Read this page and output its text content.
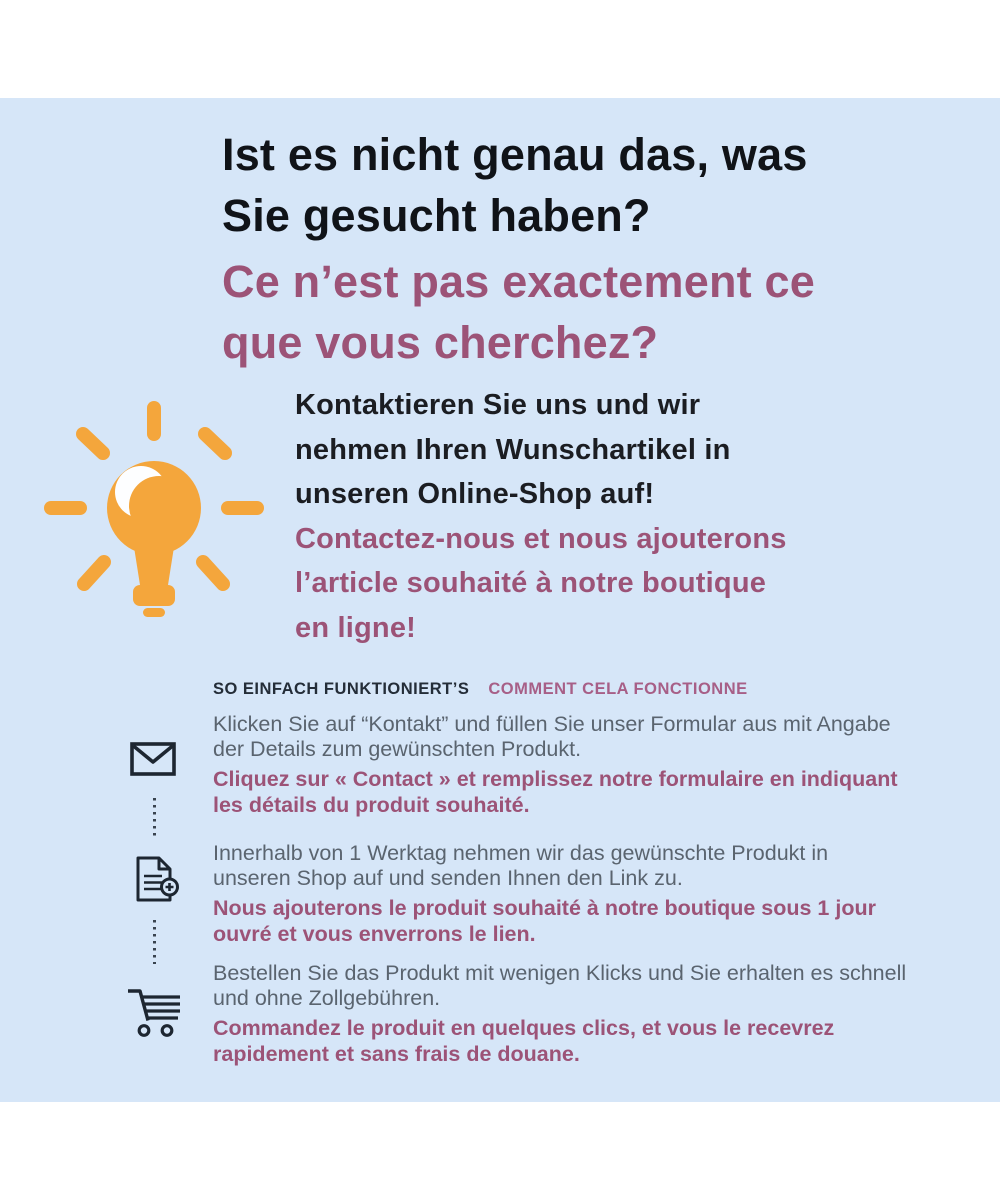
Ist es nicht genau das, was
Sie gesucht haben?
Ce n’est pas exactement ce
que vous cherchez?
Kontaktieren Sie uns und wir
nehmen Ihren Wunschartikel in
unseren Online-Shop auf!
Contactez-nous et nous ajouterons
l’article souhaité à notre boutique
en ligne!
SO EINFACH FUNKTIONIERT’S COMMENT CELA FONCTIONNE
Klicken Sie auf “Kontakt” und füllen Sie unser Formular aus mit Angabe
der Details zum gewünschten Produkt.
Cliquez sur « Contact » et remplissez notre formulaire en indiquant
les détails du produit souhaité.
Innerhalb von 1 Werktag nehmen wir das gewünschte Produkt in
unseren Shop auf und senden Ihnen den Link zu.
Nous ajouterons le produit souhaité à notre boutique sous 1 jour
ouvré et vous enverrons le lien.
Bestellen Sie das Produkt mit wenigen Klicks und Sie erhalten es schnell
und ohne Zollgebühren.
Commandez le produit en quelques clics, et vous le recevrez
rapidement et sans frais de douane.
